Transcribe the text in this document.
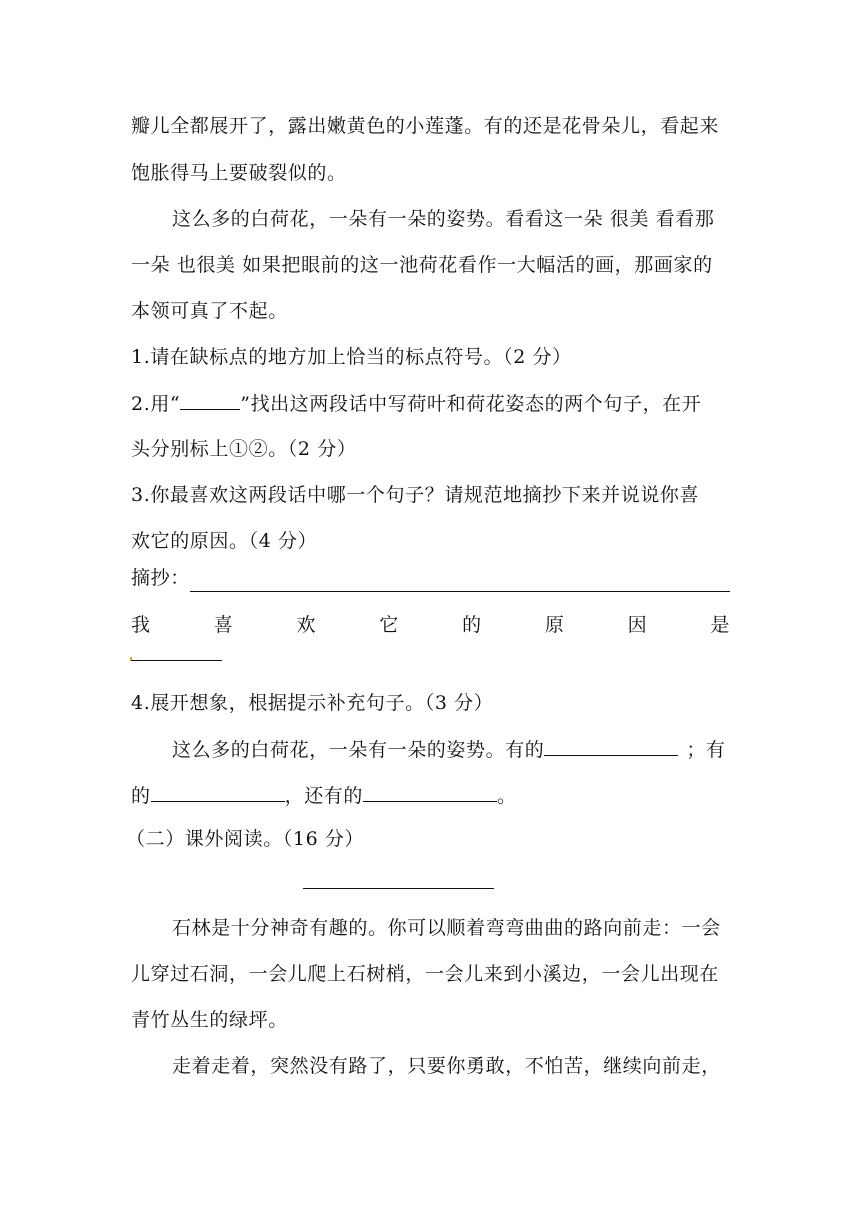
瓣儿全都展开了，露出嫩黄色的小莲蓬。有的还是花骨朵儿，看起来
饱胀得马上要破裂似的。
这么多的白荷花，一朵有一朵的姿势。看看这一朵 很美 看看那
一朵 也很美 如果把眼前的这一池荷花看作一大幅活的画，那画家的
本领可真了不起。
1.请在缺标点的地方加上恰当的标点符号。（2 分）
2.用“	”找出这两段话中写荷叶和荷花姿态的两个句子，在开
头分别标上①②。（2 分）
3.你最喜欢这两段话中哪一个句子？请规范地摘抄下来并说说你喜
欢它的原因。（4 分）
摘抄：
我	喜	欢	它	的	原	因	是
4.展开想象，根据提示补充句子。（3 分）
这么多的白荷花，一朵有一朵的姿势。有的	；有
的	，还有的	。
（二）课外阅读。（16 分）
石林是十分神奇有趣的。你可以顺着弯弯曲曲的路向前走：一会
儿穿过石洞，一会儿爬上石树梢，一会儿来到小溪边，一会儿出现在
青竹丛生的绿坪。
走着走着，突然没有路了，只要你勇敢，不怕苦，继续向前走，
